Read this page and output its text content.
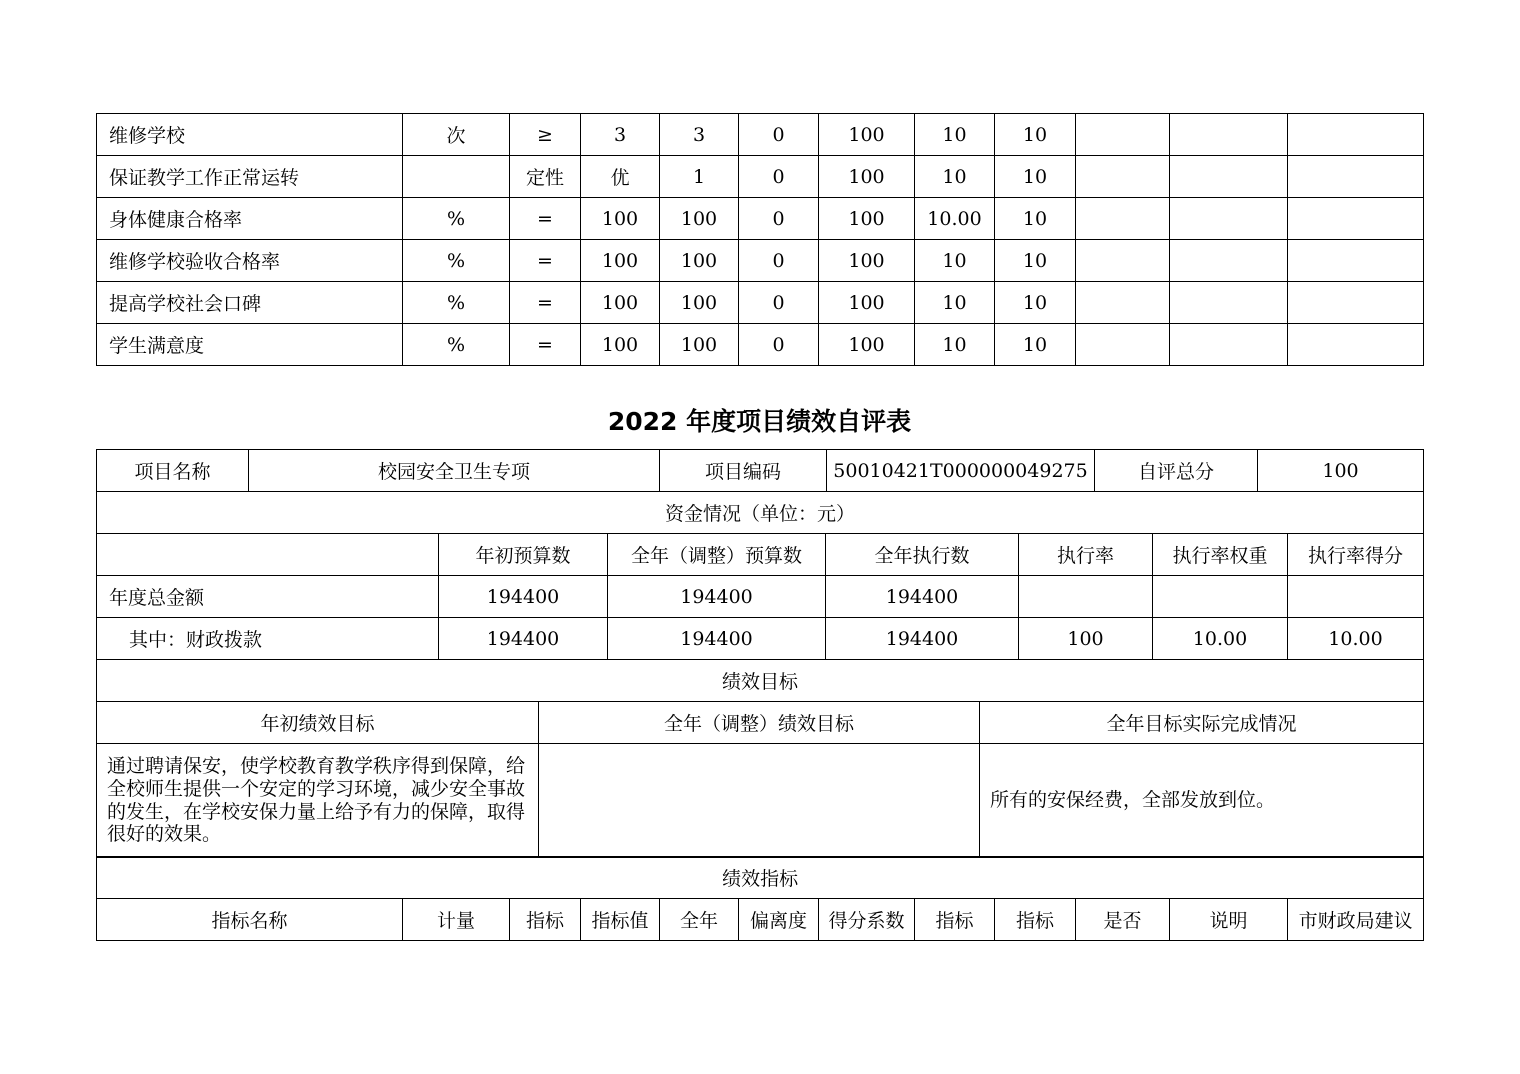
维修学校	次	≥	3	3	0	100	10	10			
保证教学工作正常运转		定性	优	1	0	100	10	10			
身体健康合格率	%	=	100	100	0	100	10.00	10			
维修学校验收合格率	%	=	100	100	0	100	10	10			
提高学校社会口碑	%	=	100	100	0	100	10	10			
学生满意度	%	=	100	100	0	100	10	10			
2022 年度项目绩效自评表
项目名称	校园安全卫生专项	项目编码	50010421T000000049275	自评总分	100
资金情况（单位：元）
	年初预算数	全年（调整）预算数	全年执行数	执行率	执行率权重	执行率得分
年度总金额	194400	194400	194400			
其中：财政拨款	194400	194400	194400	100	10.00	10.00
绩效目标		
年初绩效目标	全年（调整）绩效目标	全年目标实际完成情况
通过聘请保安，使学校教育教学秩序得到保障，给全校师生提供一个安定的学习环境，减少安全事故的发生，在学校安保力量上给予有力的保障，取得很好的效果。		所有的安保经费，全部发放到位。
绩效指标
指标名称	计量	指标	指标值	全年	偏离度	得分系数	指标	指标	是否	说明	市财政局建议
